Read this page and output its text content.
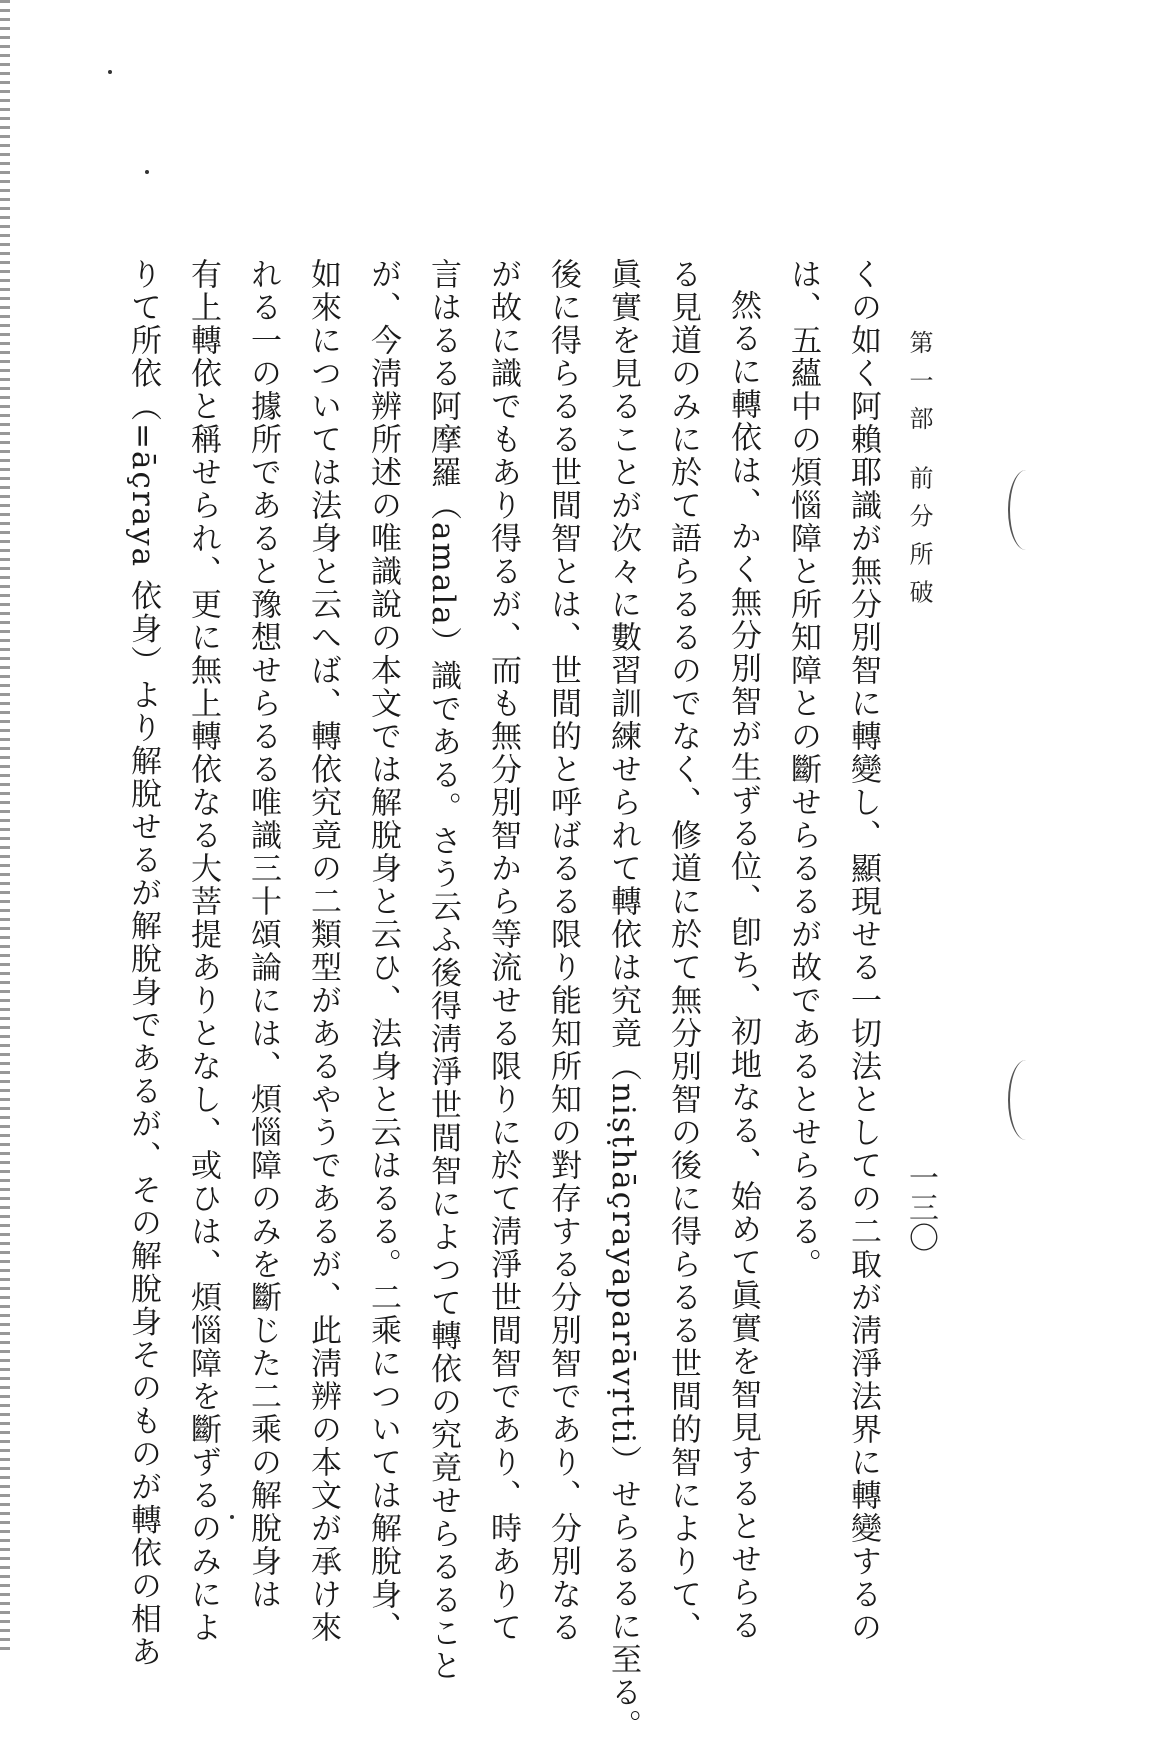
第一部 前分所破
くの如く阿賴耶識が無分別智に轉變し、顯現せる一切法としての二取が淸淨法界に轉變するの
は、五蘊中の煩惱障と所知障との斷せらるるが故であるとせらるる。
然るに轉依は、かく無分別智が生ずる位、卽ち、初地なる、始めて眞實を智見するとせらる
る見道のみに於て語らるるのでなく、修道に於て無分別智の後に得らるる世間的智によりて、
眞實を見ることが次々に數習訓練せられて轉依は究竟（niṣṭhāçrayaparāvṛtti）せらるるに至る。
後に得らるる世間智とは、世間的と呼ばるる限り能知所知の對存する分別智であり、分別なる
が故に識でもあり得るが、而も無分別智から等流せる限りに於て淸淨世間智であり、時ありて
言はるる阿摩羅（amala）識である。さう云ふ後得淸淨世間智によつて轉依の究竟せらるること
が、今淸辨所述の唯識說の本文では解脫身と云ひ、法身と云はるる。二乘については解脫身、
如來については法身と云へば、轉依究竟の二類型があるやうであるが、此淸辨の本文が承け來
れる一の據所であると豫想せらるる唯識三十頌論には、煩惱障のみを斷じた二乘の解脫身は
有上轉依と稱せられ、更に無上轉依なる大菩提ありとなし、或ひは、煩惱障を斷ずるのみによ
りて所依（=āçraya 依身）より解脫せるが解脫身であるが、その解脫身そのものが轉依の相あ	一三〇
